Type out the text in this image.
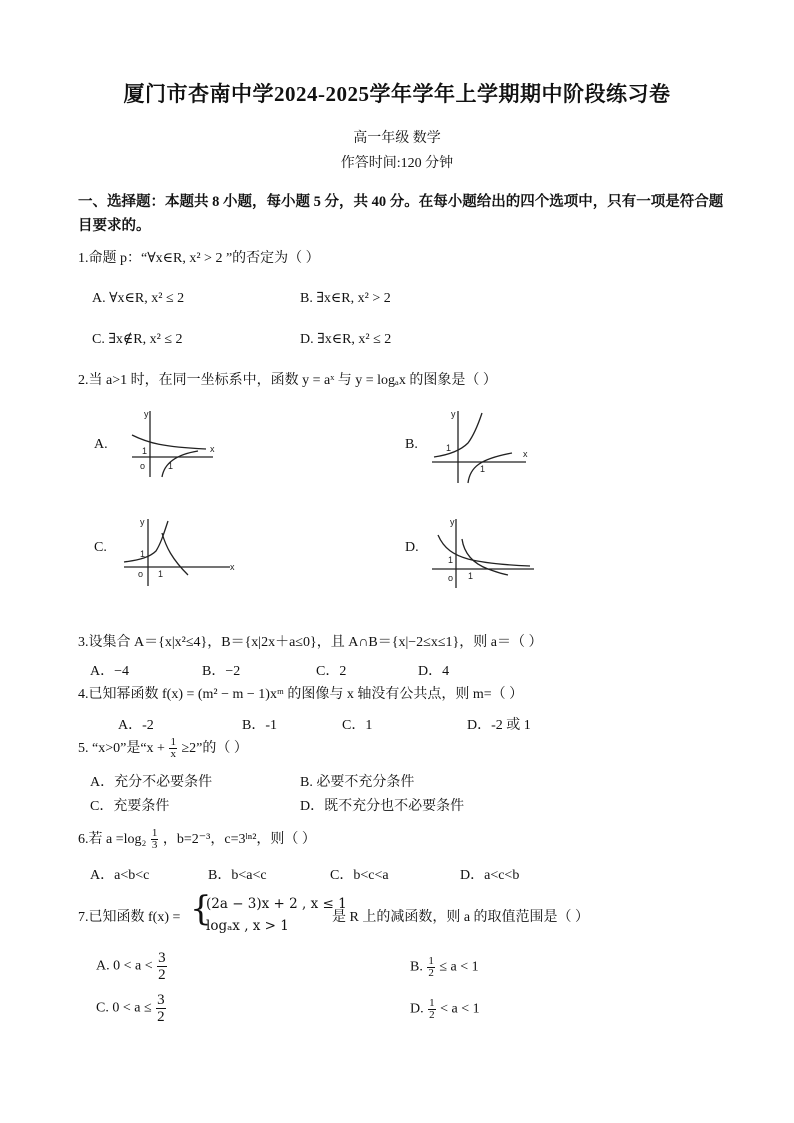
厦门市杏南中学2024-2025学年学年上学期期中阶段练习卷
高一年级 数学
作答时间:120 分钟
一、选择题：本题共 8 小题，每小题 5 分，共 40 分。在每小题给出的四个选项中，只有一项是符合题目要求的。
1.命题 p：“∀x∈R, x² > 2 ”的否定为（ ）
A. ∀x∈R, x² ≤ 2	B. ∃x∈R, x² > 2
C. ∃x∉R, x² ≤ 2	D. ∃x∈R, x² ≤ 2
2.当 a>1 时，在同一坐标系中，函数 y = aˣ 与 y = logₐx 的图象是（ ）
A.	x
y
o
1
1
B.
x
y
1
1
C.
x
y
o
1
1
D.
y
o
1
1
3.设集合 A＝{x|x²≤4}，B＝{x|2x＋a≤0}，且 A∩B＝{x|−2≤x≤1}，则 a＝（ ）
A．−4	B．−2	C．2	D．4
4.已知幂函数 f(x) = (m² − m − 1)xᵐ 的图像与 x 轴没有公共点，则 m=（ ）
A．-2	B．-1	C．1	D．-2 或 1
5. “x>0”是“$x + \frac{1}{x} \ge 2$”的（ ）
A．充分不必要条件	B. 必要不充分条件
C．充要条件	D．既不充分也不必要条件
6.若 $a =\log_2 \frac{1}{3}$ ，b=2⁻³，c=3ˡⁿ²，则（ ）
A．a<b<c	B．b<a<c	C．b<c<a	D．a<c<b
7.已知函数 f(x) = {
(2a − 3)x + 2 , x ≤ 1
logₐx , x > 1
是 R 上的减函数，则 a 的取值范围是（ ）
A. $0 < a < \frac{3}{2}$	B. $\frac{1}{2} \le a < 1$
C. $0 < a \le \frac{3}{2}$	D. $\frac{1}{2} < a < 1$
